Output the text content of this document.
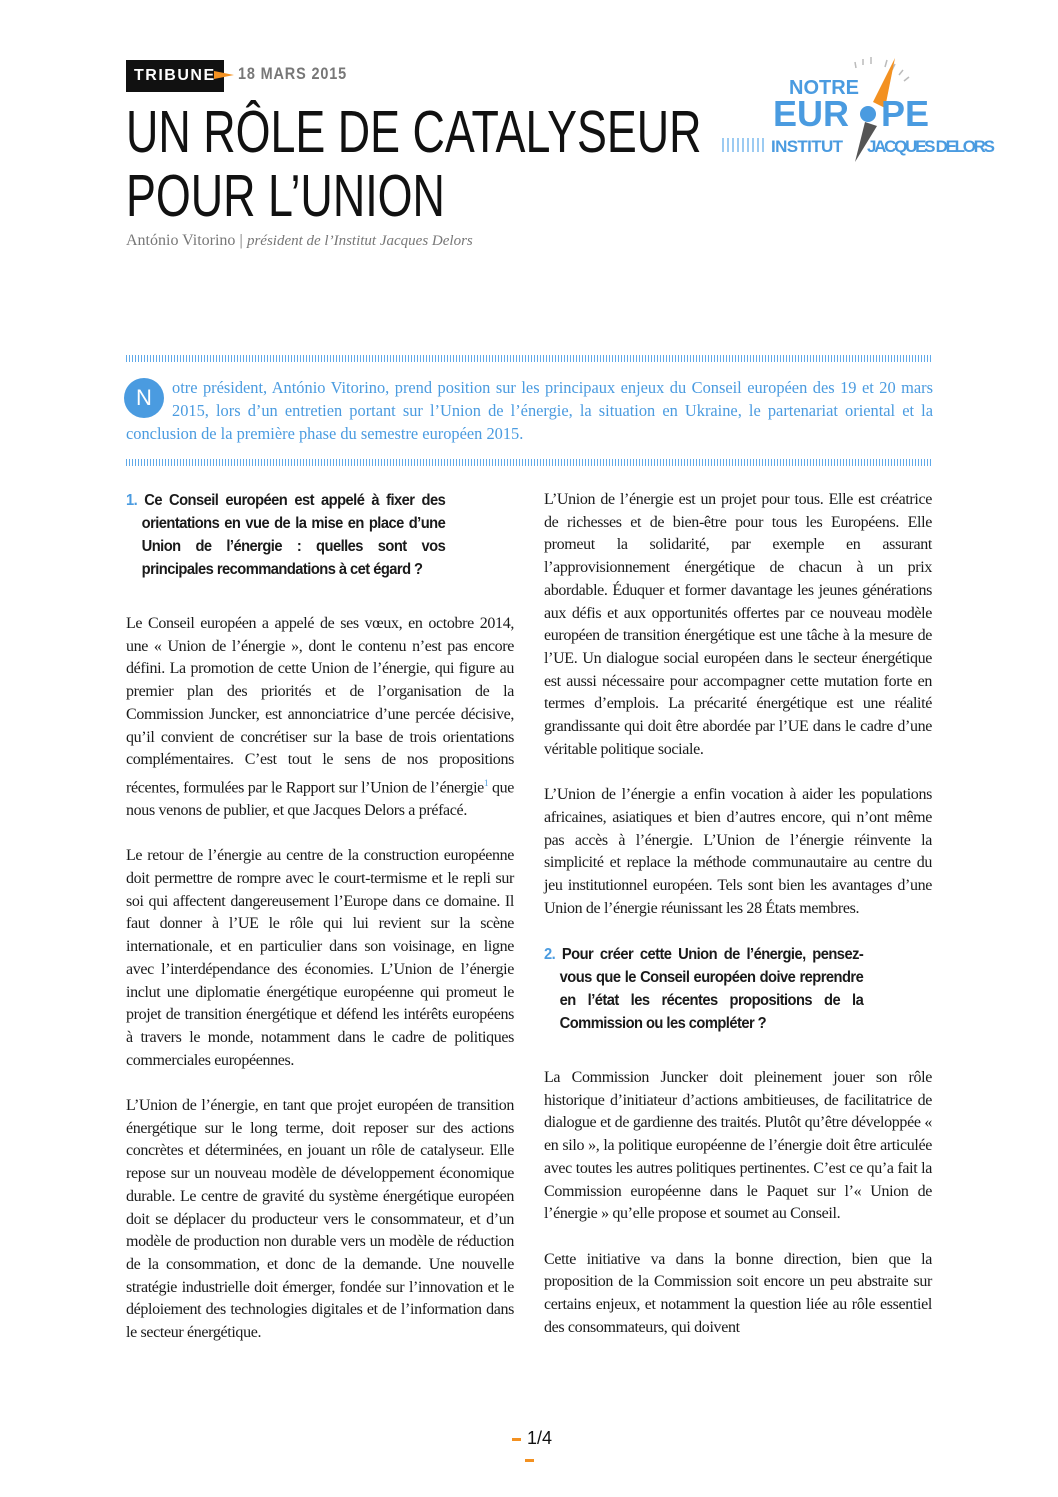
TRIBUNE	18 MARS 2015
UN RÔLE DE CATALYSEUR
POUR L’UNION
António Vitorino | président de l’Institut Jacques Delors
NOTRE
EUR PE
INSTITUT JACQUES DELORS
N	otre président, António Vitorino, prend position sur les principaux enjeux du Conseil européen des 19 et 20 mars 2015, lors d’un entretien portant sur l’Union de l’énergie, la situation en Ukraine, le partenariat oriental et la conclusion de la première phase du semestre européen 2015.
1. Ce Conseil européen est appelé à fixer des orientations en vue de la mise en place d’une Union de l’énergie : quelles sont vos principales recommandations à cet égard ?

Le Conseil européen a appelé de ses vœux, en octobre 2014, une « Union de l’énergie », dont le contenu n’est pas encore défini. La promotion de cette Union de l’énergie, qui figure au premier plan des priorités et de l’organisation de la Commission Juncker, est annonciatrice d’une percée décisive, qu’il convient de concrétiser sur la base de trois orientations complémentaires. C’est tout le sens de nos propositions récentes, formulées par le Rapport sur l’Union de l’énergie$^1$ que nous venons de publier, et que Jacques Delors a préfacé.

Le retour de l’énergie au centre de la construction européenne doit permettre de rompre avec le court-termisme et le repli sur soi qui affectent dangereusement l’Europe dans ce domaine. Il faut donner à l’UE le rôle qui lui revient sur la scène internationale, et en particulier dans son voisinage, en ligne avec l’interdépendance des économies. L’Union de l’énergie inclut une diplomatie énergétique européenne qui promeut le projet de transition énergétique et défend les intérêts européens à travers le monde, notamment dans le cadre de politiques commerciales européennes.

L’Union de l’énergie, en tant que projet européen de transition énergétique sur le long terme, doit reposer sur des actions concrètes et déterminées, en jouant un rôle de catalyseur. Elle repose sur un nouveau modèle de développement économique durable. Le centre de gravité du système énergétique européen doit se déplacer du producteur vers le consommateur, et d’un modèle de production non durable vers un modèle de réduction de la consommation, et donc de la demande. Une nouvelle stratégie industrielle doit émerger, fondée sur l’innovation et le déploiement des technologies digitales et de l’information dans le secteur énergétique.

L’Union de l’énergie est un projet pour tous. Elle est créatrice de richesses et de bien-être pour tous les Européens. Elle promeut la solidarité, par exemple en assurant l’approvisionnement énergétique de chacun à un prix abordable. Éduquer et former davantage les jeunes générations aux défis et aux opportunités offertes par ce nouveau modèle européen de transition énergétique est une tâche à la mesure de l’UE. Un dialogue social européen dans le secteur énergétique est aussi nécessaire pour accompagner cette mutation forte en termes d’emplois. La précarité énergétique est une réalité grandissante qui doit être abordée par l’UE dans le cadre d’une véritable politique sociale.

L’Union de l’énergie a enfin vocation à aider les populations africaines, asiatiques et bien d’autres encore, qui n’ont même pas accès à l’énergie. L’Union de l’énergie réinvente la simplicité et replace la méthode communautaire au centre du jeu institutionnel européen. Tels sont bien les avantages d’une Union de l’énergie réunissant les 28 États membres.

2. Pour créer cette Union de l’énergie, pensez-vous que le Conseil européen doive reprendre en l’état les récentes propositions de la Commission ou les compléter ?

La Commission Juncker doit pleinement jouer son rôle historique d’initiateur d’actions ambitieuses, de facilitatrice de dialogue et de gardienne des traités. Plutôt qu’être développée « en silo », la politique européenne de l’énergie doit être articulée avec toutes les autres politiques pertinentes. C’est ce qu’a fait la Commission européenne dans le Paquet sur l’« Union de l’énergie » qu’elle propose et soumet au Conseil.

Cette initiative va dans la bonne direction, bien que la proposition de la Commission soit encore un peu abstraite sur certains enjeux, et notamment la question liée au rôle essentiel des consommateurs, qui doivent

1/4
